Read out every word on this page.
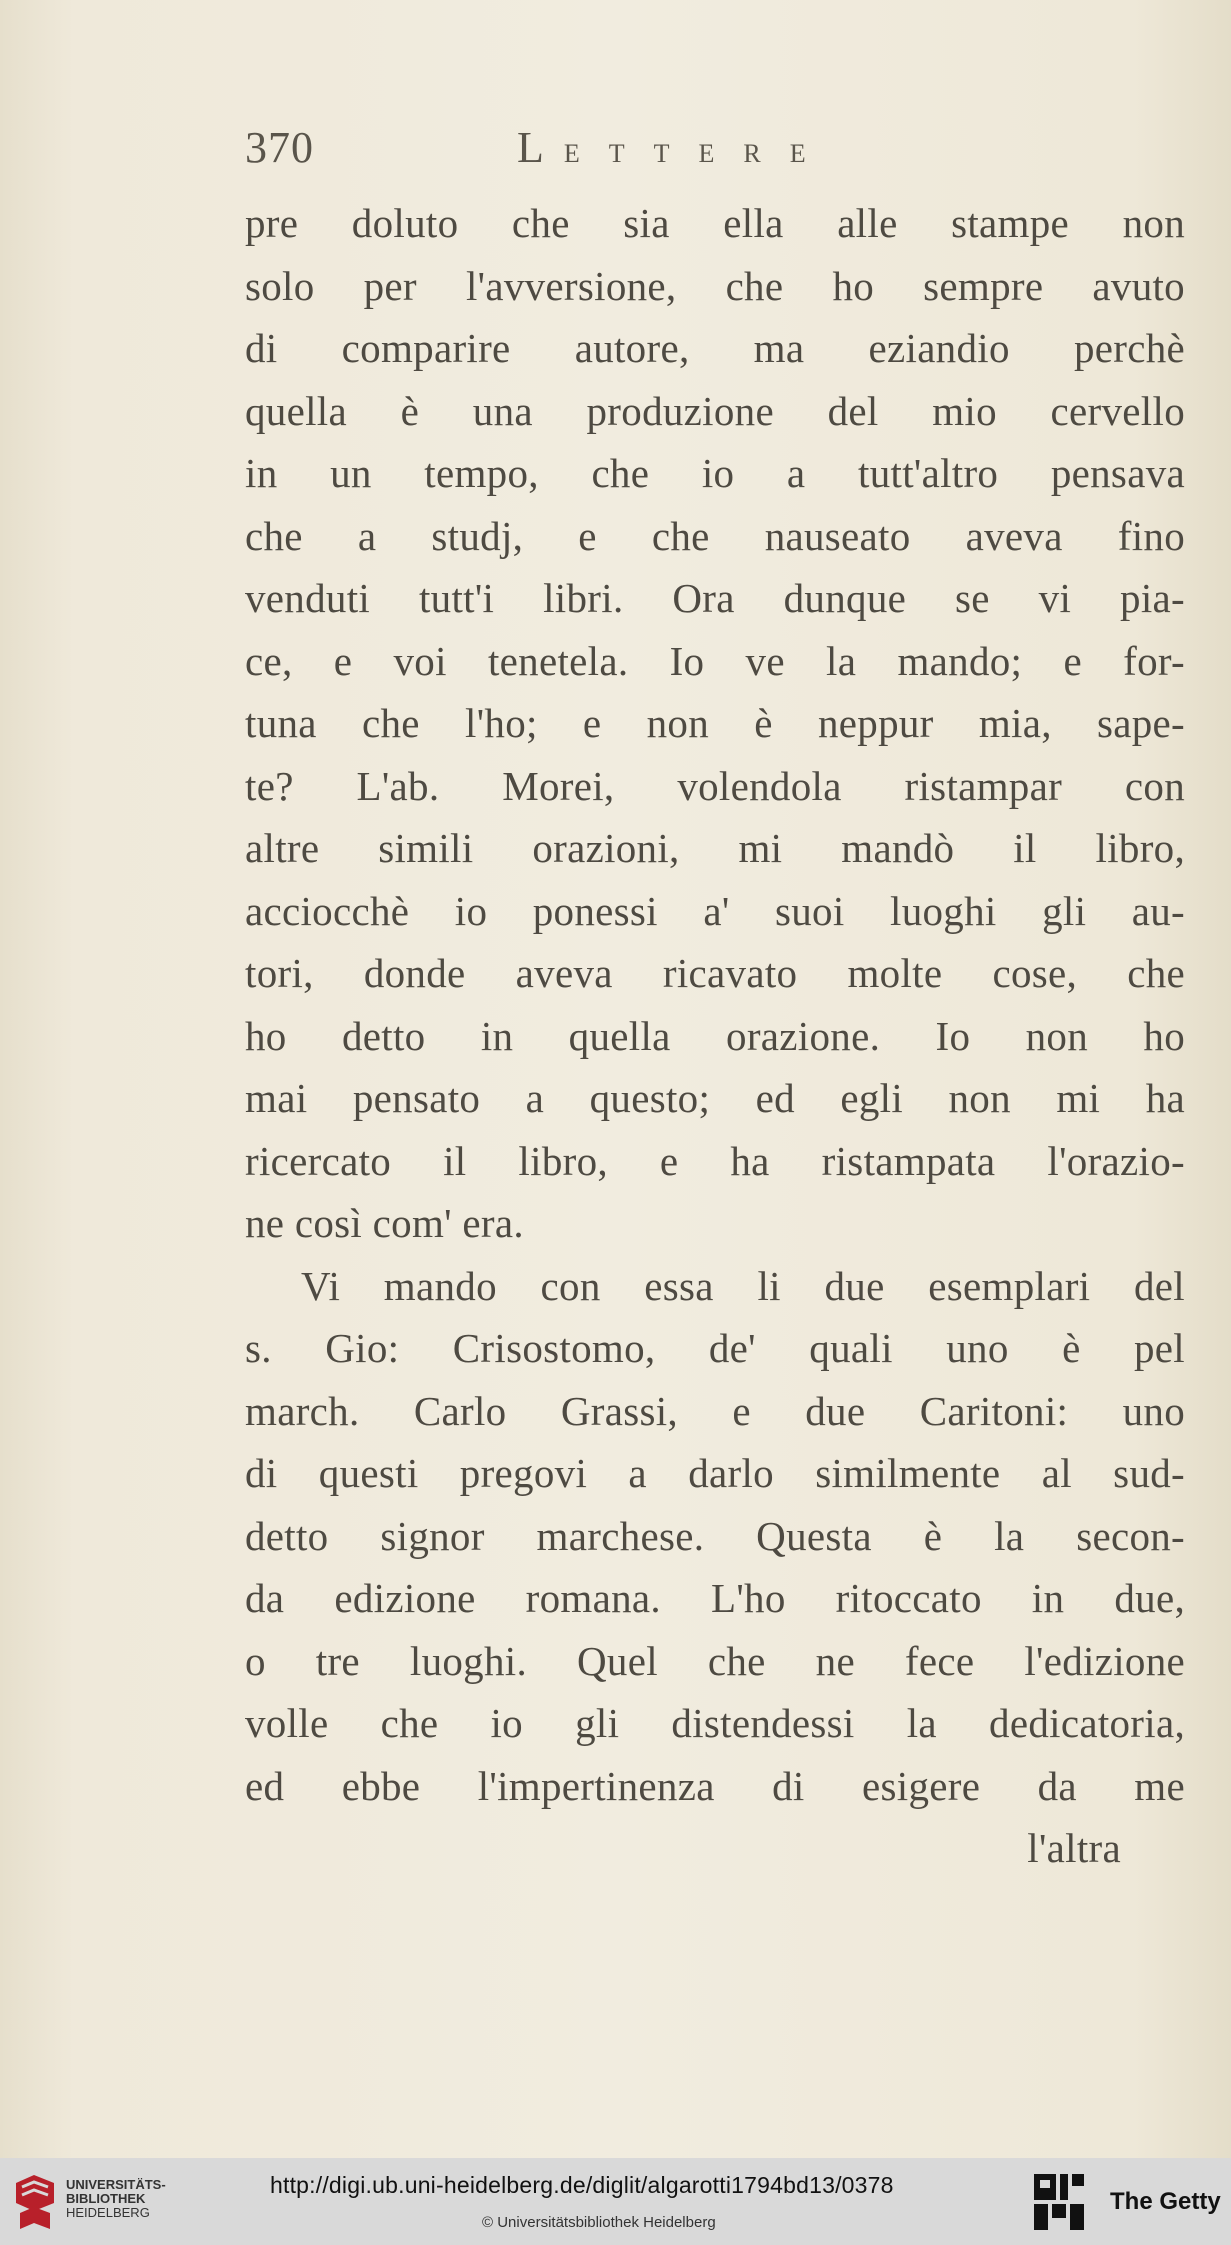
370	LETTERE
pre doluto che sia ella alle stampe non
solo per l'avversione, che ho sempre avuto
di comparire autore, ma eziandio perchè
quella è una produzione del mio cervello
in un tempo, che io a tutt'altro pensava
che a studj, e che nauseato aveva fino
venduti tutt'i libri. Ora dunque se vi pia-
ce, e voi tenetela. Io ve la mando; e for-
tuna che l'ho; e non è neppur mia, sape-
te? L'ab. Morei, volendola ristampar con
altre simili orazioni, mi mandò il libro,
acciocchè io ponessi a' suoi luoghi gli au-
tori, donde aveva ricavato molte cose, che
ho detto in quella orazione. Io non ho
mai pensato a questo; ed egli non mi ha
ricercato il libro, e ha ristampata l'orazio-
ne così com' era.
Vi mando con essa li due esemplari del
s. Gio: Crisostomo, de' quali uno è pel
march. Carlo Grassi, e due Caritoni: uno
di questi pregovi a darlo similmente al sud-
detto signor marchese. Questa è la secon-
da edizione romana. L'ho ritoccato in due,
o tre luoghi. Quel che ne fece l'edizione
volle che io gli distendessi la dedicatoria,
ed ebbe l'impertinenza di esigere da me
l'altra
UNIVERSITÄTS-
BIBLIOTHEK
HEIDELBERG
http://digi.ub.uni-heidelberg.de/diglit/algarotti1794bd13/0378
© Universitätsbibliothek Heidelberg
The Getty
